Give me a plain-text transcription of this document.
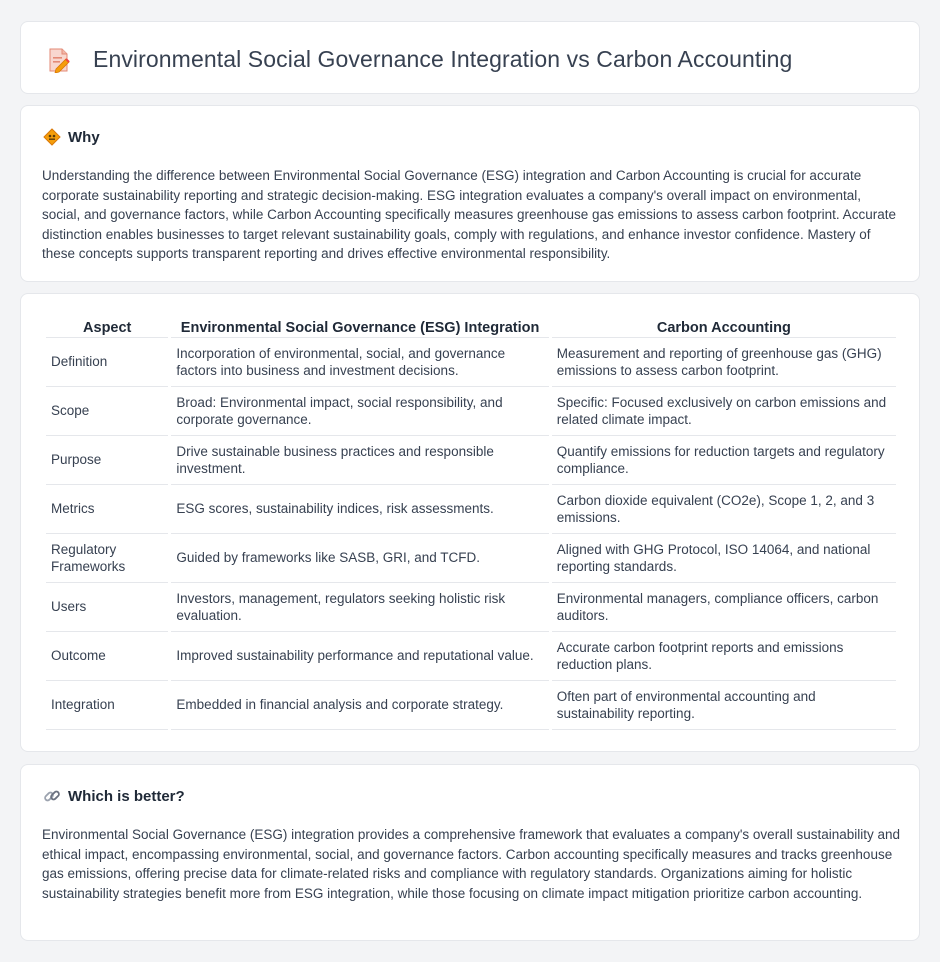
Environmental Social Governance Integration vs Carbon Accounting
Why

Understanding the difference between Environmental Social Governance (ESG) integration and Carbon Accounting is crucial for accurate corporate sustainability reporting and strategic decision-making. ESG integration evaluates a company's overall impact on environmental, social, and governance factors, while Carbon Accounting specifically measures greenhouse gas emissions to assess carbon footprint. Accurate distinction enables businesses to target relevant sustainability goals, comply with regulations, and enhance investor confidence. Mastery of these concepts supports transparent reporting and drives effective environmental responsibility.

Aspect	Environmental Social Governance (ESG) Integration	Carbon Accounting
Definition	Incorporation of environmental, social, and governance factors into business and investment decisions.	Measurement and reporting of greenhouse gas (GHG) emissions to assess carbon footprint.
Scope	Broad: Environmental impact, social responsibility, and corporate governance.	Specific: Focused exclusively on carbon emissions and related climate impact.
Purpose	Drive sustainable business practices and responsible investment.	Quantify emissions for reduction targets and regulatory compliance.
Metrics	ESG scores, sustainability indices, risk assessments.	Carbon dioxide equivalent (CO2e), Scope 1, 2, and 3 emissions.
Regulatory Frameworks	Guided by frameworks like SASB, GRI, and TCFD.	Aligned with GHG Protocol, ISO 14064, and national reporting standards.
Users	Investors, management, regulators seeking holistic risk evaluation.	Environmental managers, compliance officers, carbon auditors.
Outcome	Improved sustainability performance and reputational value.	Accurate carbon footprint reports and emissions reduction plans.
Integration	Embedded in financial analysis and corporate strategy.	Often part of environmental accounting and sustainability reporting.
Which is better?

Environmental Social Governance (ESG) integration provides a comprehensive framework that evaluates a company's overall sustainability and ethical impact, encompassing environmental, social, and governance factors. Carbon accounting specifically measures and tracks greenhouse gas emissions, offering precise data for climate-related risks and compliance with regulatory standards. Organizations aiming for holistic sustainability strategies benefit more from ESG integration, while those focusing on climate impact mitigation prioritize carbon accounting.
